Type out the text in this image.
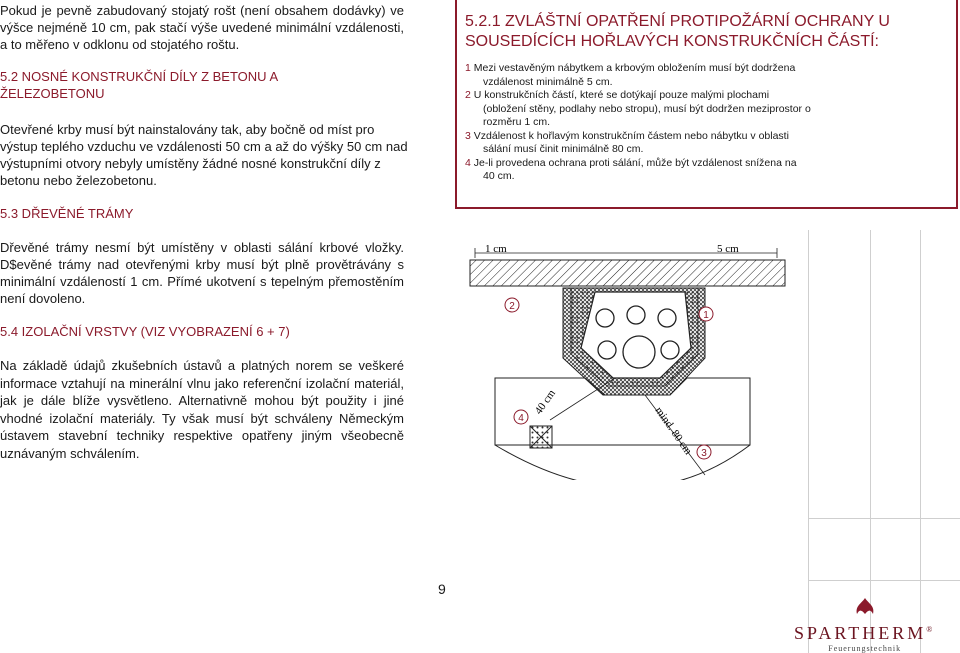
Pokud je pevně zabudovaný stojatý rošt (není obsahem dodávky) ve výšce nejméně 10 cm, pak stačí výše uvedené minimální vzdálenosti, a to měřeno v odklonu od stojatého roštu.

5.2 NOSNÉ KONSTRUKČNÍ DÍLY Z BETONU A ŽELEZOBETONU

Otevřené krby musí být nainstalovány tak, aby bočně od míst pro výstup teplého vzduchu ve vzdálenosti 50 cm a až do výšky 50 cm nad výstupními otvory nebyly umístěny žádné nosné konstrukční díly z betonu nebo železobetonu.

5.3 DŘEVĚNÉ TRÁMY

Dřevěné trámy nesmí být umístěny v oblasti sálání krbové vložky. D$evěné trámy nad otevřenými krby musí být plně provětrávány s minimální vzdáleností 1 cm. Přímé ukotvení s tepelným přemostěním není dovoleno.

5.4 IZOLAČNÍ VRSTVY (VIZ VYOBRAZENÍ 6 + 7)

Na základě údajů zkušebních ústavů a platných norem se veškeré informace vztahují na minerální vlnu jako referenční izolační materiál, jak je dále blíže vysvětleno. Alternativně mohou být použity i jiné vhodné izolační materiály. Ty však musí být schváleny Německým ústavem stavební techniky respektive opatřeny jiným všeobecně uznávaným schválením.

5.2.1 ZVLÁŠTNÍ OPATŘENÍ PROTIPOŽÁRNÍ OCHRANY U SOUSEDÍCÍCH HOŘLAVÝCH KONSTRUKČNÍCH ČÁSTÍ:

1 Mezi vestavěným nábytkem a krbovým obložením musí být dodržena

vzdálenost minimálně 5 cm.

2 U konstrukčních částí, které se dotýkají pouze malými plochami

(obložení stěny, podlahy nebo stropu), musí být dodržen meziprostor o rozměru 1 cm.

3 Vzdálenost k hořlavým konstrukčním částem nebo nábytku v oblasti

sálání musí činit minimálně 80 cm.

4 Je-li provedena ochrana proti sálání, může být vzdálenost snížena na

40 cm.

1 cm	5 cm
40 cm
mind. 80 cm
2
1
4
3
9
SPARTHERM®
Feuerungstechnik
